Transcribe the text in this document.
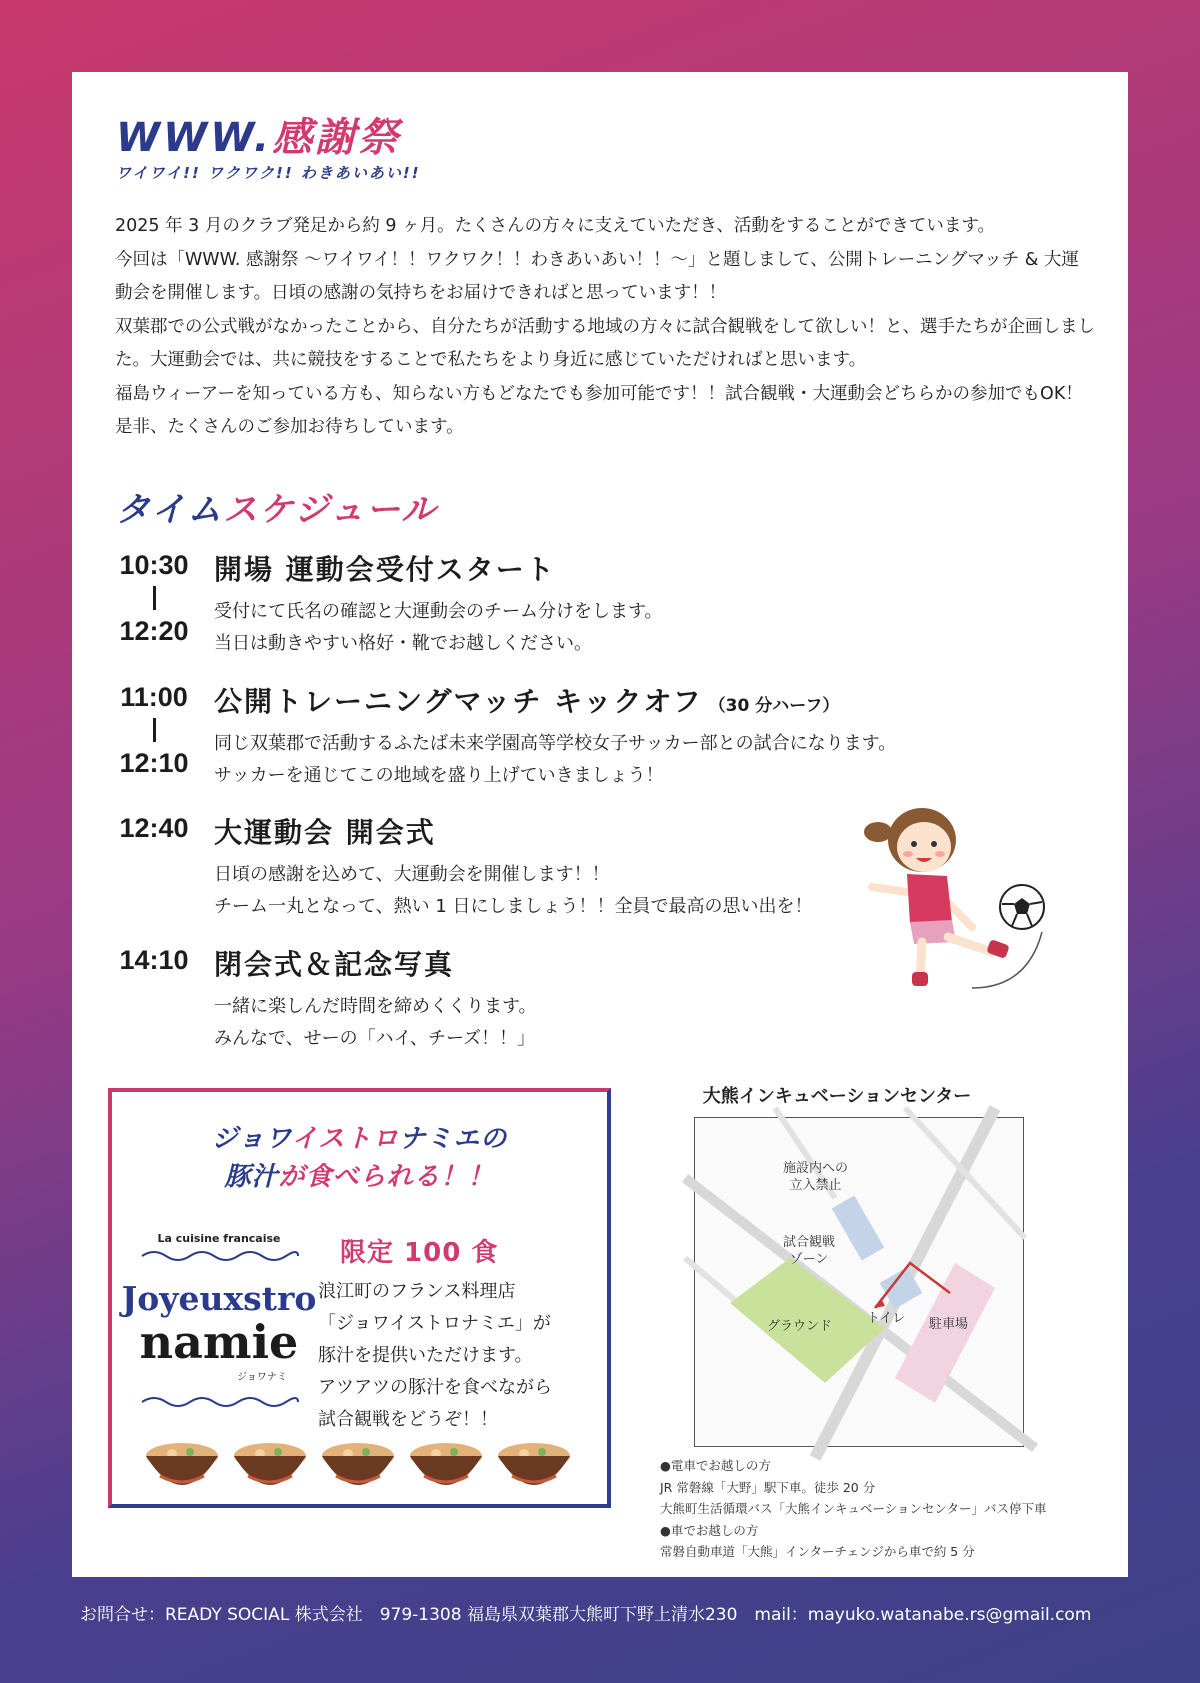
WWW.感謝祭
ワイワイ!! ワクワク!! わきあいあい!!

2025 年 3 月のクラブ発足から約 9 ヶ月。たくさんの方々に支えていただき、活動をすることができています。

今回は「WWW. 感謝祭 〜ワイワイ！！ワクワク！！わきあいあい！！〜」と題しまして、公開トレーニングマッチ & 大運動会を開催します。日頃の感謝の気持ちをお届けできればと思っています！！

双葉郡での公式戦がなかったことから、自分たちが活動する地域の方々に試合観戦をして欲しい！と、選手たちが企画しました。大運動会では、共に競技をすることで私たちをより身近に感じていただければと思います。

福島ウィーアーを知っている方も、知らない方もどなたでも参加可能です！！試合観戦・大運動会どちらかの参加でもOK！是非、たくさんのご参加お待ちしています。

タイムスケジュール
10:30
12:20
開場 運動会受付スタート

受付にて氏名の確認と大運動会のチーム分けをします。

当日は動きやすい格好・靴でお越しください。

11:00
12:10
公開トレーニングマッチ キックオフ （30 分ハーフ）

同じ双葉郡で活動するふたば未来学園高等学校女子サッカー部との試合になります。

サッカーを通じてこの地域を盛り上げていきましょう！

12:40 大運動会 開会式

日頃の感謝を込めて、大運動会を開催します！！

チーム一丸となって、熱い 1 日にしましょう！！全員で最高の思い出を！

14:10 閉会式＆記念写真

一緒に楽しんだ時間を締めくくります。

みんなで、せーの「ハイ、チーズ！！」

ジョワイストロナミエの
豚汁が食べられる！！
La cuisine francaise
Joyeuxstro
namie
ジョワナミ
限定 100 食

浪江町のフランス料理店

「ジョワイストロナミエ」が

豚汁を提供いただけます。

アツアツの豚汁を食べながら

試合観戦をどうぞ！！

大熊インキュベーションセンター
施設内への
立入禁止
試合観戦
ゾーン
トイレ
グラウンド	駐車場

●電車でお越しの方

JR 常磐線「大野」駅下車。徒歩 20 分

大熊町生活循環バス「大熊インキュベーションセンター」バス停下車

●車でお越しの方

常磐自動車道「大熊」インターチェンジから車で約 5 分

お問合せ：READY SOCIAL 株式会社　979-1308 福島県双葉郡大熊町下野上清水230　mail：mayuko.watanabe.rs@gmail.com
